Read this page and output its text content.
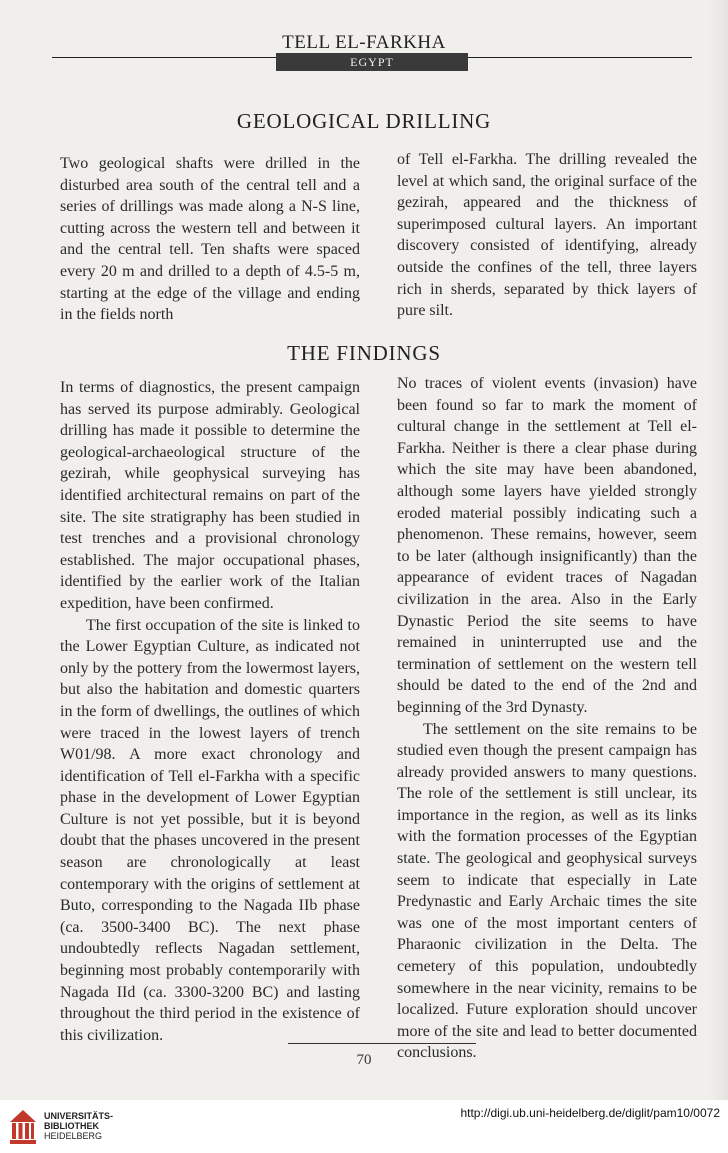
TELL EL-FARKHA
EGYPT
GEOLOGICAL DRILLING

Two geological shafts were drilled in the disturbed area south of the central tell and a series of drillings was made along a N-S line, cutting across the western tell and between it and the central tell. Ten shafts were spaced every 20 m and drilled to a depth of 4.5-5 m, starting at the edge of the village and ending in the fields north

of Tell el-Farkha. The drilling revealed the level at which sand, the original surface of the gezirah, appeared and the thickness of superimposed cultural layers. An important discovery consisted of identifying, already outside the confines of the tell, three layers rich in sherds, separated by thick layers of pure silt.

THE FINDINGS

In terms of diagnostics, the present campaign has served its purpose admirably. Geological drilling has made it possible to determine the geological-archaeological structure of the gezirah, while geophysical surveying has identified architectural remains on part of the site. The site stratigraphy has been studied in test trenches and a provisional chronology established. The major occupational phases, identified by the earlier work of the Italian expedition, have been confirmed.

The first occupation of the site is linked to the Lower Egyptian Culture, as indicated not only by the pottery from the lowermost layers, but also the habitation and domestic quarters in the form of dwellings, the outlines of which were traced in the lowest layers of trench W01/98. A more exact chronology and identification of Tell el-Farkha with a specific phase in the development of Lower Egyptian Culture is not yet possible, but it is beyond doubt that the phases uncovered in the present season are chronologically at least contemporary with the origins of settlement at Buto, corresponding to the Nagada IIb phase (ca. 3500-3400 BC). The next phase undoubtedly reflects Nagadan settlement, beginning most probably contemporarily with Nagada IId (ca. 3300-3200 BC) and lasting throughout the third period in the existence of this civilization.

No traces of violent events (invasion) have been found so far to mark the moment of cultural change in the settlement at Tell el-Farkha. Neither is there a clear phase during which the site may have been abandoned, although some layers have yielded strongly eroded material possibly indicating such a phenomenon. These remains, however, seem to be later (although insignificantly) than the appearance of evident traces of Nagadan civilization in the area. Also in the Early Dynastic Period the site seems to have remained in uninterrupted use and the termination of settlement on the western tell should be dated to the end of the 2nd and beginning of the 3rd Dynasty.

The settlement on the site remains to be studied even though the present campaign has already provided answers to many questions. The role of the settlement is still unclear, its importance in the region, as well as its links with the formation processes of the Egyptian state. The geological and geophysical surveys seem to indicate that especially in Late Predynastic and Early Archaic times the site was one of the most important centers of Pharaonic civilization in the Delta. The cemetery of this population, undoubtedly somewhere in the near vicinity, remains to be localized. Future exploration should uncover more of the site and lead to better documented conclusions.

70
UNIVERSITÄTS-
BIBLIOTHEK
HEIDELBERG
http://digi.ub.uni-heidelberg.de/diglit/pam10/0072
